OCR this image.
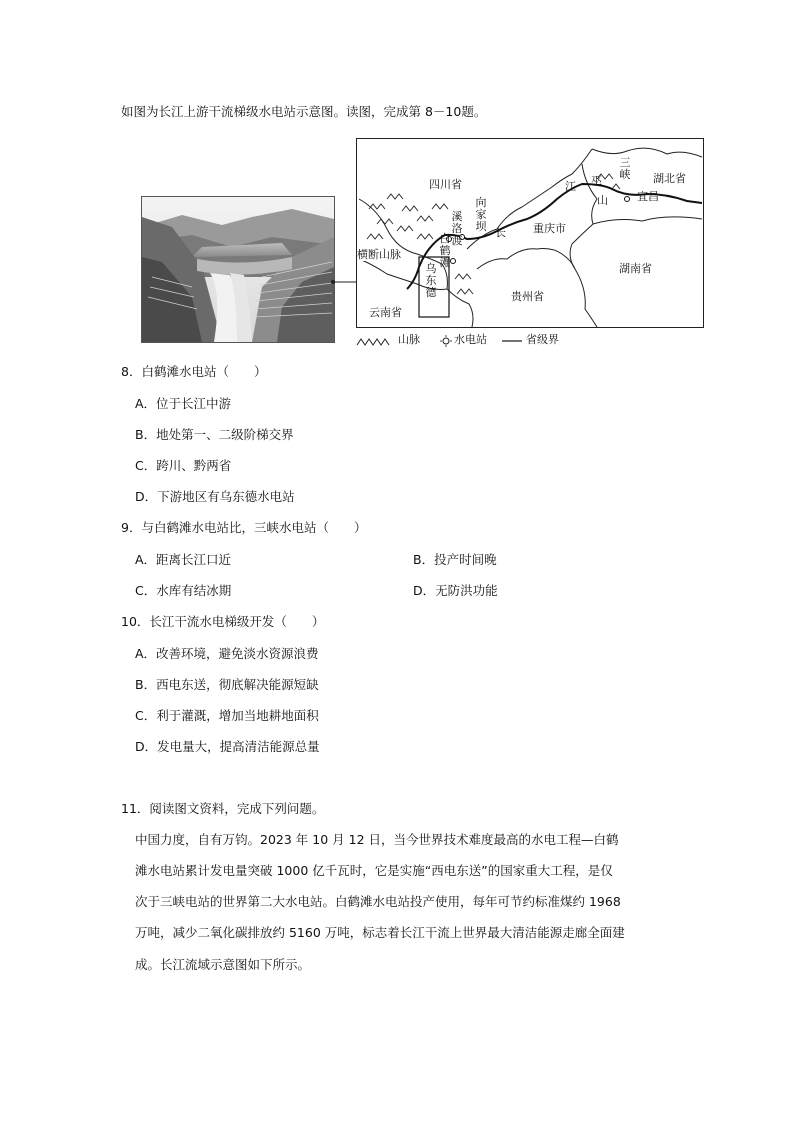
如图为长江上游干流梯级水电站示意图。读图，完成第 8－10题。
四川省	湖北省
宜昌
重庆市
湖南省
贵州省
云南省
横断山脉
江
长
巫
山
三峡
向家坝
溪洛渡
白鹤滩
乌东德
山脉	水电站	省级界
8．白鹤滩水电站（　　）
A．位于长江中游
B．地处第一、二级阶梯交界
C．跨川、黔两省
D．下游地区有乌东德水电站
9．与白鹤滩水电站比，三峡水电站（　　）
A．距离长江口近	B．投产时间晚
C．水库有结冰期	D．无防洪功能
10．长江干流水电梯级开发（　　）
A．改善环境，避免淡水资源浪费
B．西电东送，彻底解决能源短缺
C．利于灌溉，增加当地耕地面积
D．发电量大，提高清洁能源总量
11．阅读图文资料，完成下列问题。
中国力度，自有万钧。2023 年 10 月 12 日，当今世界技术难度最高的水电工程—白鹤
滩水电站累计发电量突破 1000 亿千瓦时，它是实施“西电东送”的国家重大工程，是仅
次于三峡电站的世界第二大水电站。白鹤滩水电站投产使用，每年可节约标准煤约 1968
万吨，减少二氧化碳排放约 5160 万吨，标志着长江干流上世界最大清洁能源走廊全面建
成。长江流域示意图如下所示。
